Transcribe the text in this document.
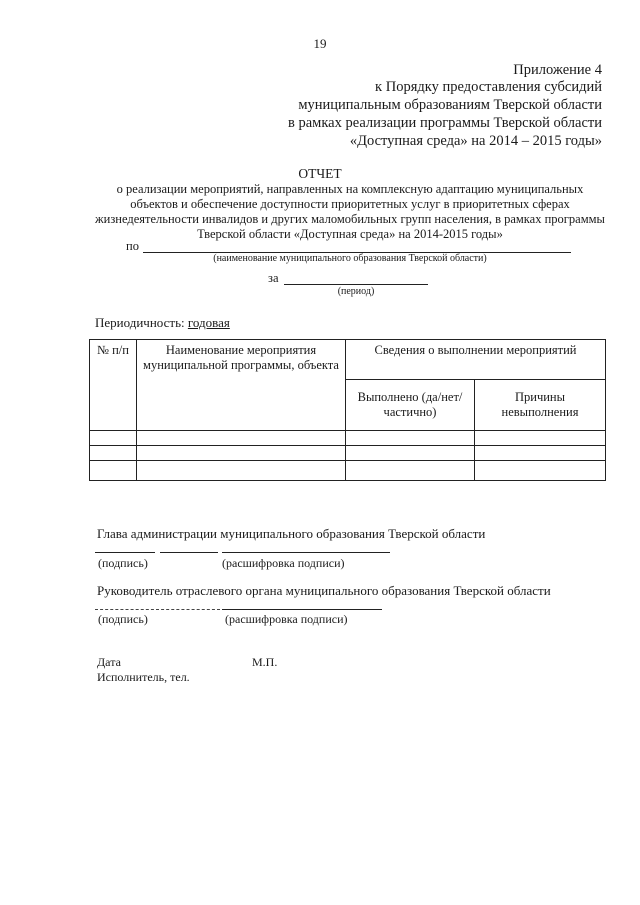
19
Приложение 4
к Порядку предоставления субсидий
муниципальным образованиям Тверской области
в рамках реализации программы Тверской области
«Доступная среда» на 2014 – 2015 годы»
ОТЧЕТ
о реализации мероприятий, направленных на комплексную адаптацию муниципальных объектов и обеспечение доступности приоритетных услуг в приоритетных сферах жизнедеятельности инвалидов и других маломобильных групп населения, в рамках программы Тверской области «Доступная среда» на 2014-2015 годы»
по
(наименование муниципального образования Тверской области)
за
(период)
Периодичность: годовая
№ п/п	Наименование мероприятия муниципальной программы, объекта	Сведения о выполнении мероприятий	
		Выполнено (да/нет/частично)	Причины невыполнения

Глава администрации муниципального образования Тверской области
(подпись)	(расшифровка подписи)
Руководитель отраслевого органа муниципального образования Тверской области
(подпись)	(расшифровка подписи)
Дата	М.П.
Исполнитель, тел.
